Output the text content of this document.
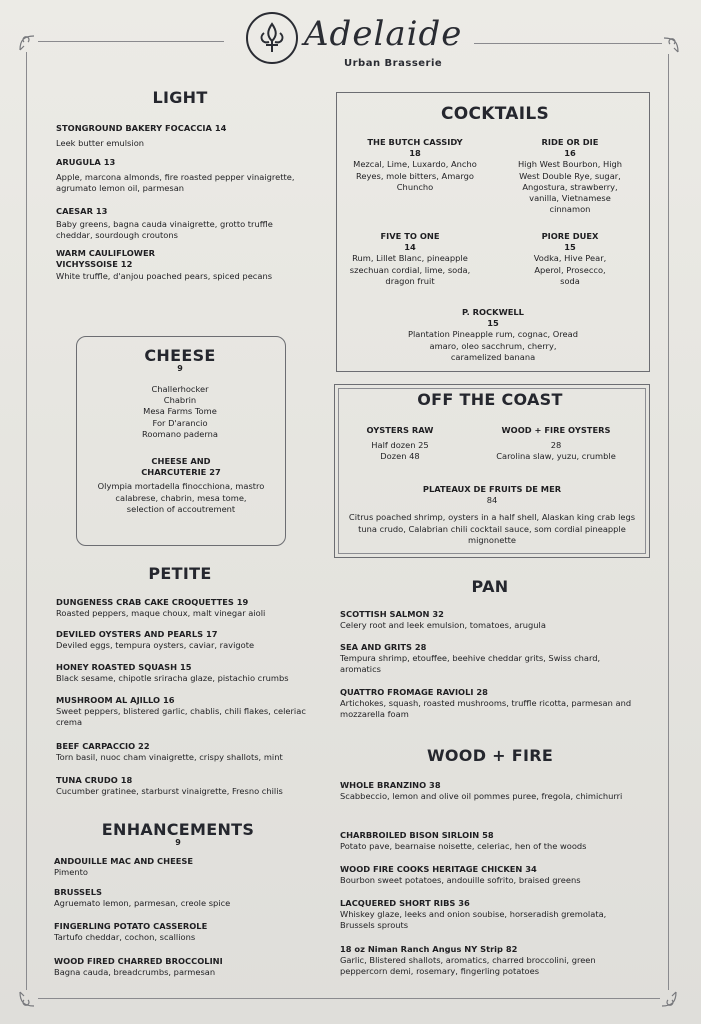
Adelaide
Urban Brasserie
LIGHT
STONGROUND BAKERY FOCACCIA 14
Leek butter emulsion
ARUGULA 13
Apple, marcona almonds, fire roasted pepper vinaigrette, agrumato lemon oil, parmesan
CAESAR 13
Baby greens, bagna cauda vinaigrette, grotto truffle cheddar, sourdough croutons
WARM CAULIFLOWER VICHYSSOISE 12
White truffle, d'anjou poached pears, spiced pecans
CHEESE
9
Challerhocker
Chabrin
Mesa Farms Tome
For D'arancio
Roomano paderna
CHEESE AND
CHARCUTERIE 27
Olympia mortadella finocchiona, mastro calabrese, chabrin, mesa tome, selection of accoutrement
PETITE
DUNGENESS CRAB CAKE CROQUETTES 19
Roasted peppers, maque choux, malt vinegar aioli
DEVILED OYSTERS AND PEARLS 17
Deviled eggs, tempura oysters, caviar, ravigote
HONEY ROASTED SQUASH 15
Black sesame, chipotle sriracha glaze, pistachio crumbs
MUSHROOM AL AJILLO 16
Sweet peppers, blistered garlic, chablis, chili flakes, celeriac crema
BEEF CARPACCIO 22
Torn basil, nuoc cham vinaigrette, crispy shallots, mint
TUNA CRUDO 18
Cucumber gratinee, starburst vinaigrette, Fresno chilis
ENHANCEMENTS
9
ANDOUILLE MAC AND CHEESE
Pimento
BRUSSELS
Agruemato lemon, parmesan, creole spice
FINGERLING POTATO CASSEROLE
Tartufo cheddar, cochon, scallions
WOOD FIRED CHARRED BROCCOLINI
Bagna cauda, breadcrumbs, parmesan
COCKTAILS
THE BUTCH CASSIDY
18
Mezcal, Lime, Luxardo, Ancho Reyes, mole bitters, Amargo Chuncho
RIDE OR DIE
16
High West Bourbon, High West Double Rye, sugar, Angostura, strawberry, vanilla, Vietnamese cinnamon
FIVE TO ONE
14
Rum, Lillet Blanc, pineapple szechuan cordial, lime, soda, dragon fruit
PIORE DUEX
15
Vodka, Hive Pear, Aperol, Prosecco, soda
P. ROCKWELL
15
Plantation Pineapple rum, cognac, Oread amaro, oleo sacchrum, cherry, caramelized banana
OFF THE COAST
OYSTERS RAW
Half dozen 25
Dozen 48
WOOD + FIRE OYSTERS
28
Carolina slaw, yuzu, crumble
PLATEAUX DE FRUITS DE MER
84
Citrus poached shrimp, oysters in a half shell, Alaskan king crab legs tuna crudo, Calabrian chili cocktail sauce, som cordial pineapple mignonette
PAN
SCOTTISH SALMON 32
Celery root and leek emulsion, tomatoes, arugula
SEA AND GRITS 28
Tempura shrimp, etouffee, beehive cheddar grits, Swiss chard, aromatics
QUATTRO FROMAGE RAVIOLI 28
Artichokes, squash, roasted mushrooms, truffle ricotta, parmesan and mozzarella foam
WOOD + FIRE
WHOLE BRANZINO 38
Scabbeccio, lemon and olive oil pommes puree, fregola, chimichurri
CHARBROILED BISON SIRLOIN 58
Potato pave, bearnaise noisette, celeriac, hen of the woods
WOOD FIRE COOKS HERITAGE CHICKEN 34
Bourbon sweet potatoes, andouille sofrito, braised greens
LACQUERED SHORT RIBS 36
Whiskey glaze, leeks and onion soubise, horseradish gremolata, Brussels sprouts
18 oz Niman Ranch Angus NY Strip 82
Garlic, Blistered shallots, aromatics, charred broccolini, green peppercorn demi, rosemary, fingerling potatoes
